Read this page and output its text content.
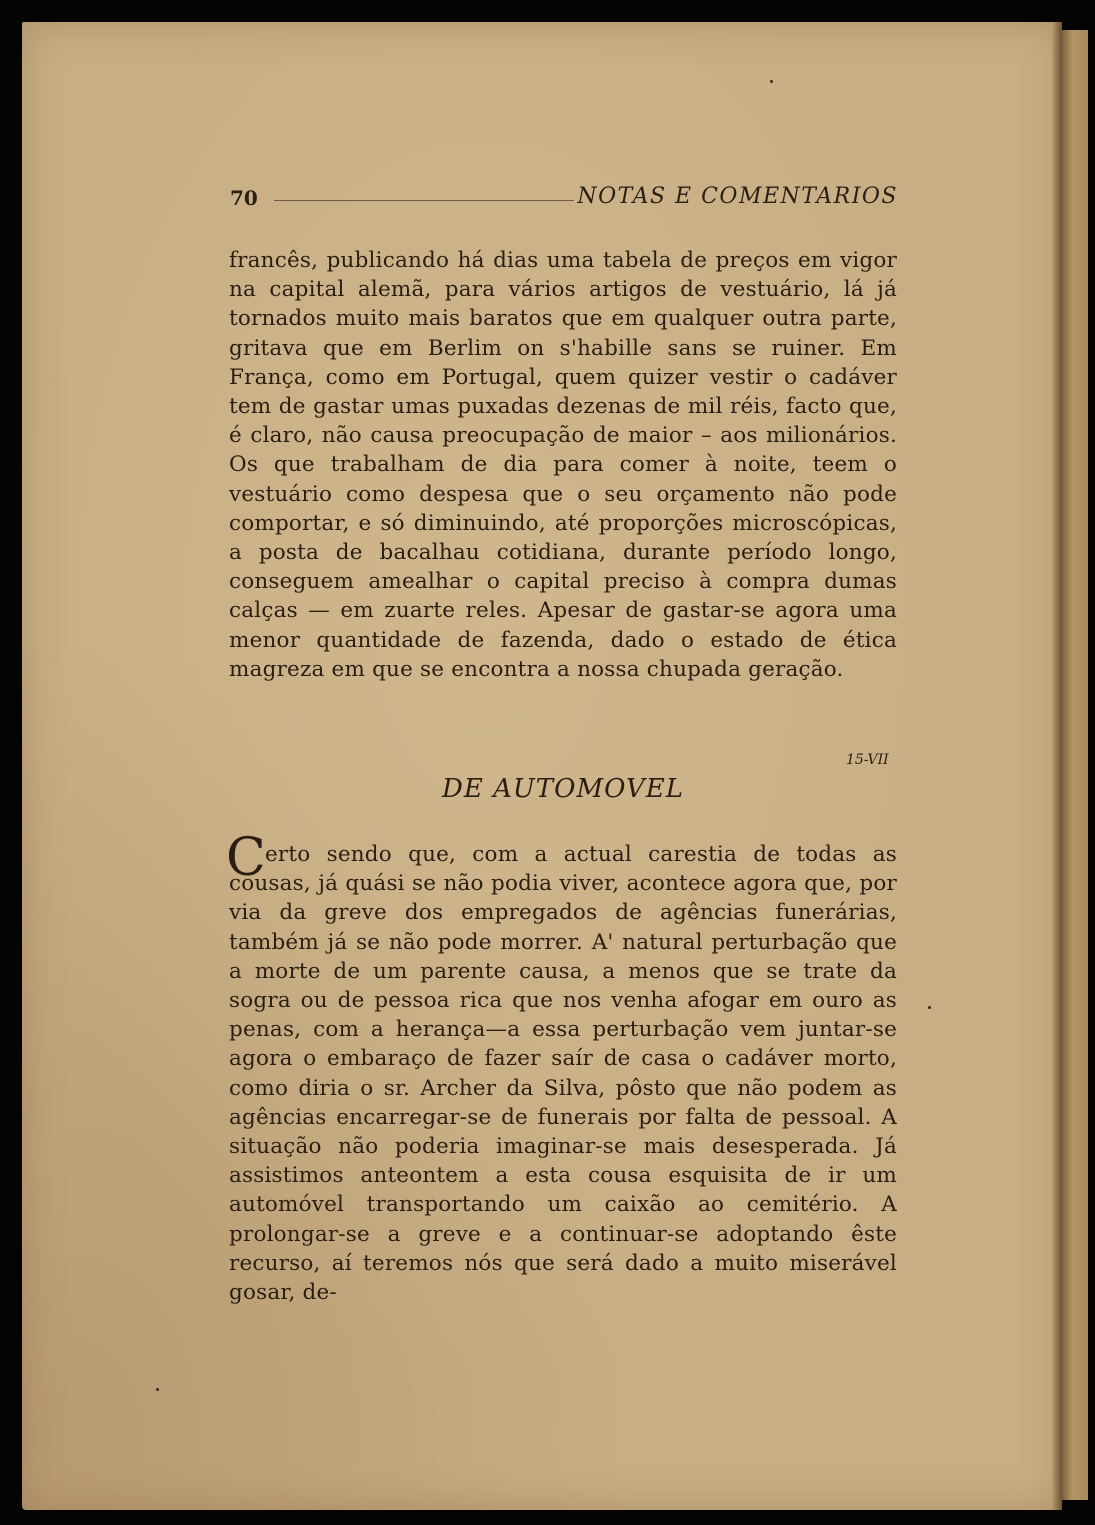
70	NOTAS E COMENTARIOS
francês, publicando há dias uma tabela de preços em vigor na capital alemã, para vários artigos de vestuário, lá já tornados muito mais baratos que em qualquer outra parte, gritava que em Berlim on s'habille sans se ruiner. Em França, como em Portugal, quem quizer vestir o cadáver tem de gastar umas puxadas dezenas de mil réis, facto que, é claro, não causa preocupação de maior – aos milionários. Os que trabalham de dia para comer à noite, teem o vestuário como despesa que o seu orçamento não pode comportar, e só diminuindo, até proporções microscópicas, a posta de bacalhau cotidiana, durante período longo, conseguem amealhar o capital preciso à compra dumas calças — em zuarte reles. Apesar de gastar-se agora uma menor quantidade de fazenda, dado o estado de ética magreza em que se encontra a nossa chupada geração.
15-VII
DE AUTOMOVEL
C erto sendo que, com a actual carestia de todas as cousas, já quási se não podia viver, acontece agora que, por via da greve dos empregados de agências funerárias, também já se não pode morrer. A' natural perturbação que a morte de um parente causa, a menos que se trate da sogra ou de pessoa rica que nos venha afogar em ouro as penas, com a herança—a essa perturbação vem juntar-se agora o embaraço de fazer saír de casa o cadáver morto, como diria o sr. Archer da Silva, pôsto que não podem as agências encarregar-se de funerais por falta de pessoal. A situação não poderia imaginar-se mais desesperada. Já assistimos anteontem a esta cousa esquisita de ir um automóvel transportando um caixão ao cemitério. A prolongar-se a greve e a continuar-se adoptando êste recurso, aí teremos nós que será dado a muito miserável gosar, de-
